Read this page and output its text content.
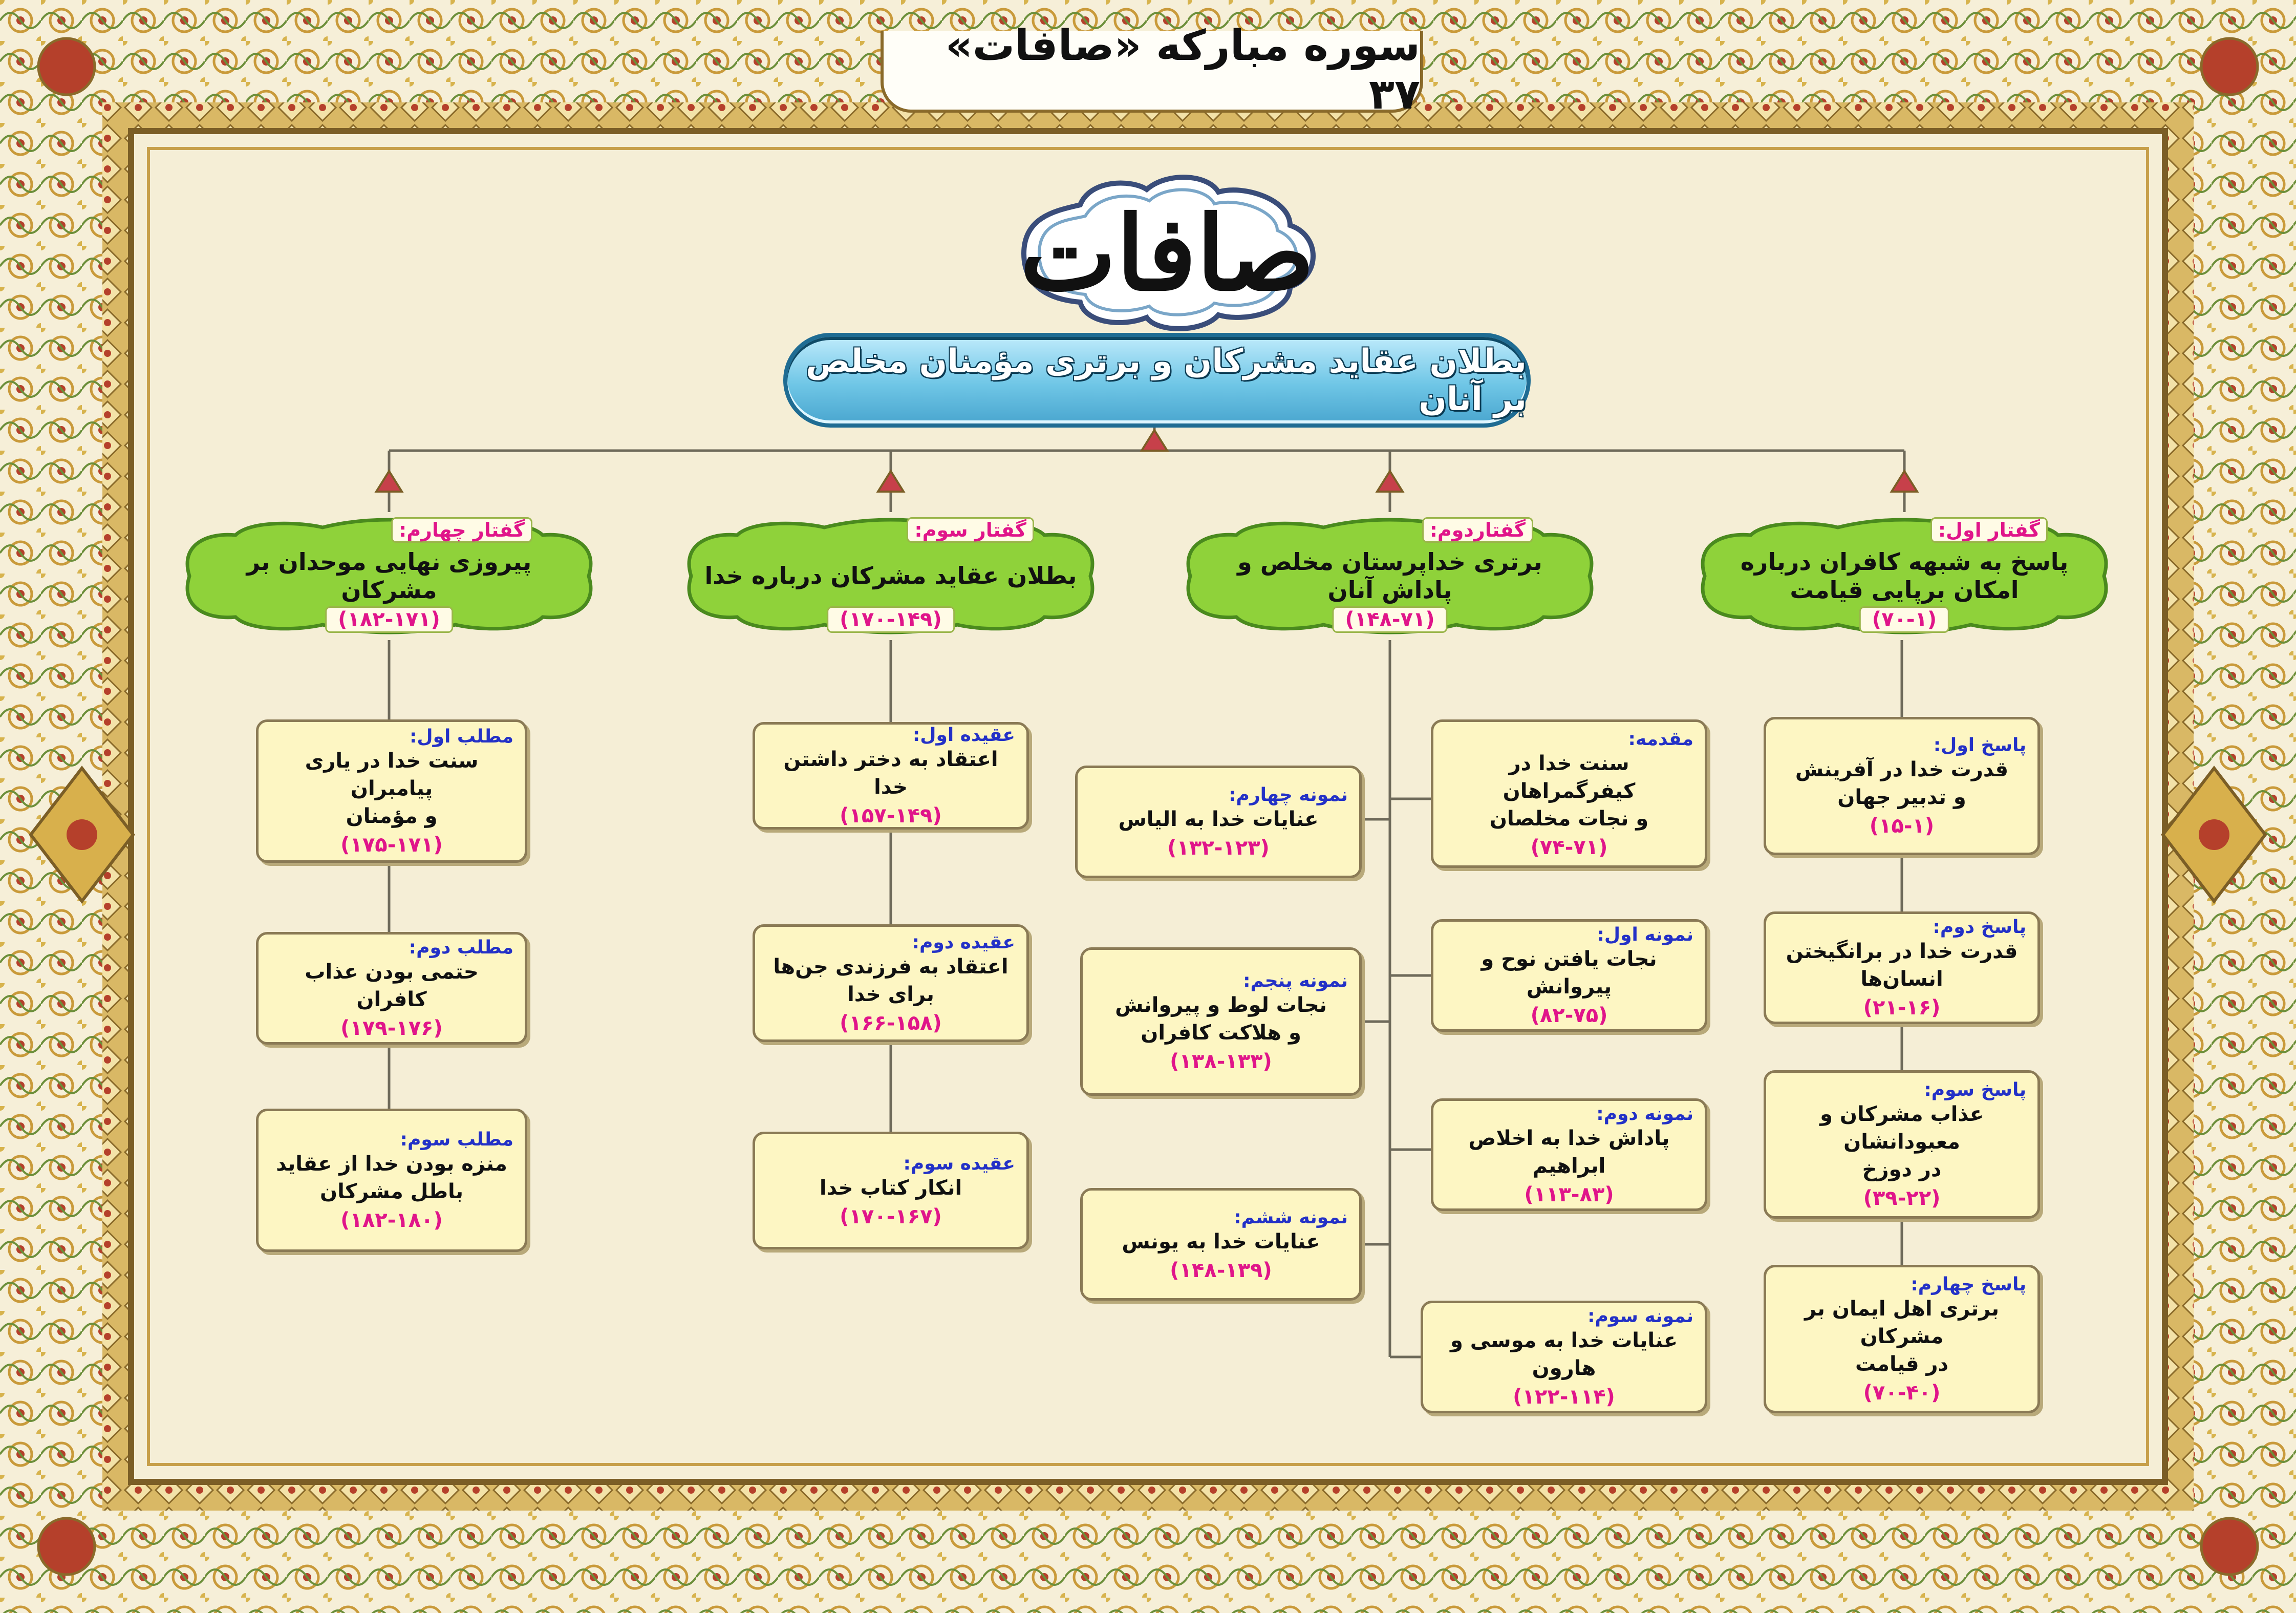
سوره مبارکه «صافات» ۳۷
صافات
بطلان عقاید مشرکان و برتری مؤمنان مخلص بر آنان
گفتار اول:
پاسخ به شبهه کافران درباره امکان برپایی قیامت
(۷۰-۱)
گفتاردوم:
برتری خداپرستان مخلص و پاداش آنان
(۱۴۸-۷۱)
گفتار سوم:
بطلان عقاید مشرکان درباره خدا
(۱۷۰-۱۴۹)
گفتار چهارم:
پیروزی نهایی موحدان بر مشرکان
(۱۸۲-۱۷۱)
پاسخ اول:
قدرت خدا در آفرینش
و تدبیر جهان
(۱۵-۱)
پاسخ دوم:
قدرت خدا در برانگیختن انسان‌ها
(۲۱-۱۶)
پاسخ سوم:
عذاب مشرکان و معبودانشان
در دوزخ
(۳۹-۲۲)
پاسخ چهارم:
برتری اهل ایمان بر مشرکان
در قیامت
(۷۰-۴۰)
مقدمه:
سنت خدا در کیفرگمراهان
و نجات مخلصان
(۷۴-۷۱)
نمونه اول:
نجات یافتن نوح و پیروانش
(۸۲-۷۵)
نمونه دوم:
پاداش خدا به اخلاص ابراهیم
(۱۱۳-۸۳)
نمونه سوم:
عنایات خدا به موسی و هارون
(۱۲۲-۱۱۴)
نمونه چهارم:
عنایات خدا به الیاس
(۱۳۲-۱۲۳)
نمونه پنجم:
نجات لوط و پیروانش
و هلاکت کافران
(۱۳۸-۱۳۳)
نمونه ششم:
عنایات خدا به یونس
(۱۴۸-۱۳۹)
عقیده اول:
اعتقاد به دختر داشتن خدا
(۱۵۷-۱۴۹)
عقیده دوم:
اعتقاد به فرزندی جن‌ها برای خدا
(۱۶۶-۱۵۸)
عقیده سوم:
انکار کتاب خدا
(۱۷۰-۱۶۷)
مطلب اول:
سنت خدا در یاری پیامبران
و مؤمنان
(۱۷۵-۱۷۱)
مطلب دوم:
حتمی بودن عذاب کافران
(۱۷۹-۱۷۶)
مطلب سوم:
منزه بودن خدا از عقاید
باطل مشرکان
(۱۸۲-۱۸۰)
